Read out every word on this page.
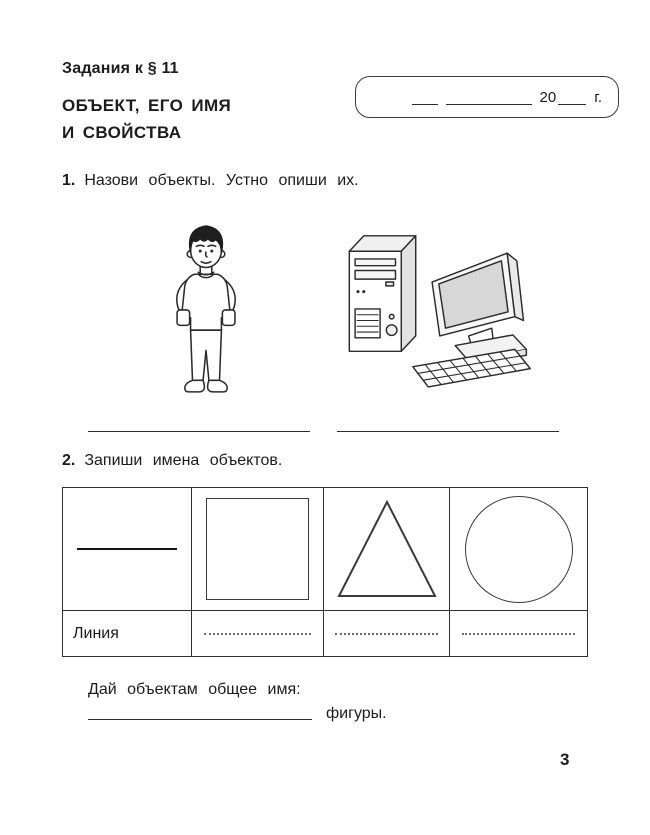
Задания к § 11
ОБЪЕКТ, ЕГО ИМЯ
И СВОЙСТВА
20	г.
1. Назови объекты. Устно опиши их.
2. Запиши имена объектов.
Линия
Дай объектам общее имя:
фигуры.
3
